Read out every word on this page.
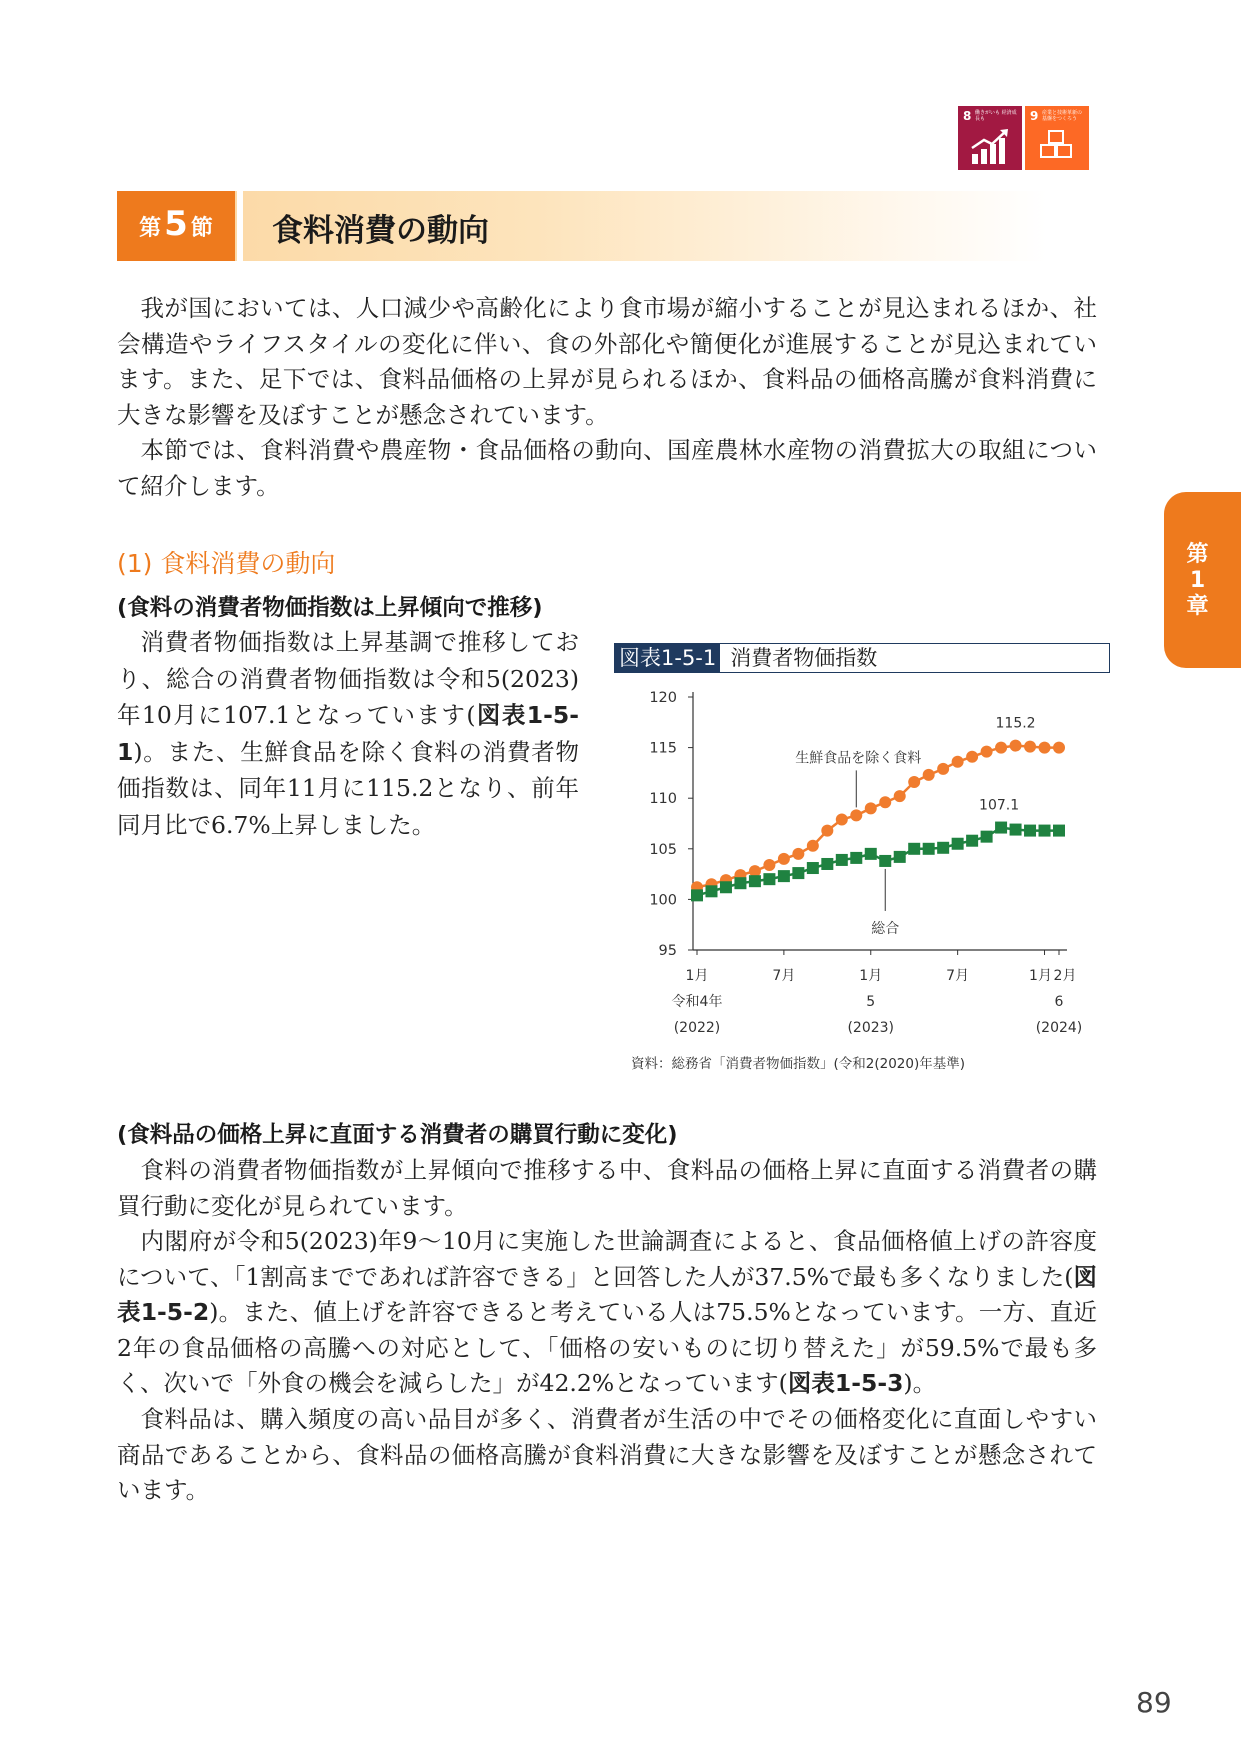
8 働きがいも 経済成長も	9 産業と技術革新の 基盤をつくろう
第 5 節 食料消費の動向
第
1
章

我が国においては、人口減少や高齢化により食市場が縮小することが見込まれるほか、社会構造やライフスタイルの変化に伴い、食の外部化や簡便化が進展することが見込まれています。また、足下では、食料品価格の上昇が見られるほか、食料品の価格高騰が食料消費に大きな影響を及ぼすことが懸念されています。

本節では、食料消費や農産物・食品価格の動向、国産農林水産物の消費拡大の取組について紹介します。

(1) 食料消費の動向
(食料の消費者物価指数は上昇傾向で推移)

消費者物価指数は上昇基調で推移しており、総合の消費者物価指数は令和5(2023)年10月に107.1となっています(図表1-5-1)。また、生鮮食品を除く食料の消費者物価指数は、同年11月に115.2となり、前年同月比で6.7%上昇しました。

図表1-5-1 消費者物価指数
95
100
105
110
115
120
1月
令和4年
(2022)
7月	1月
5
(2023)
7月	1月 2月
6
(2024)
115.2
107.1
生鮮食品を除く食料
総合
資料：総務省「消費者物価指数」(令和2(2020)年基準)
(食料品の価格上昇に直面する消費者の購買行動に変化)

食料の消費者物価指数が上昇傾向で推移する中、食料品の価格上昇に直面する消費者の購買行動に変化が見られています。

内閣府が令和5(2023)年9～10月に実施した世論調査によると、食品価格値上げの許容度について、「1割高までであれば許容できる」と回答した人が37.5%で最も多くなりました(図表1-5-2)。また、値上げを許容できると考えている人は75.5%となっています。一方、直近2年の食品価格の高騰への対応として、「価格の安いものに切り替えた」が59.5%で最も多く、次いで「外食の機会を減らした」が42.2%となっています(図表1-5-3)。

食料品は、購入頻度の高い品目が多く、消費者が生活の中でその価格変化に直面しやすい商品であることから、食料品の価格高騰が食料消費に大きな影響を及ぼすことが懸念されています。

89
